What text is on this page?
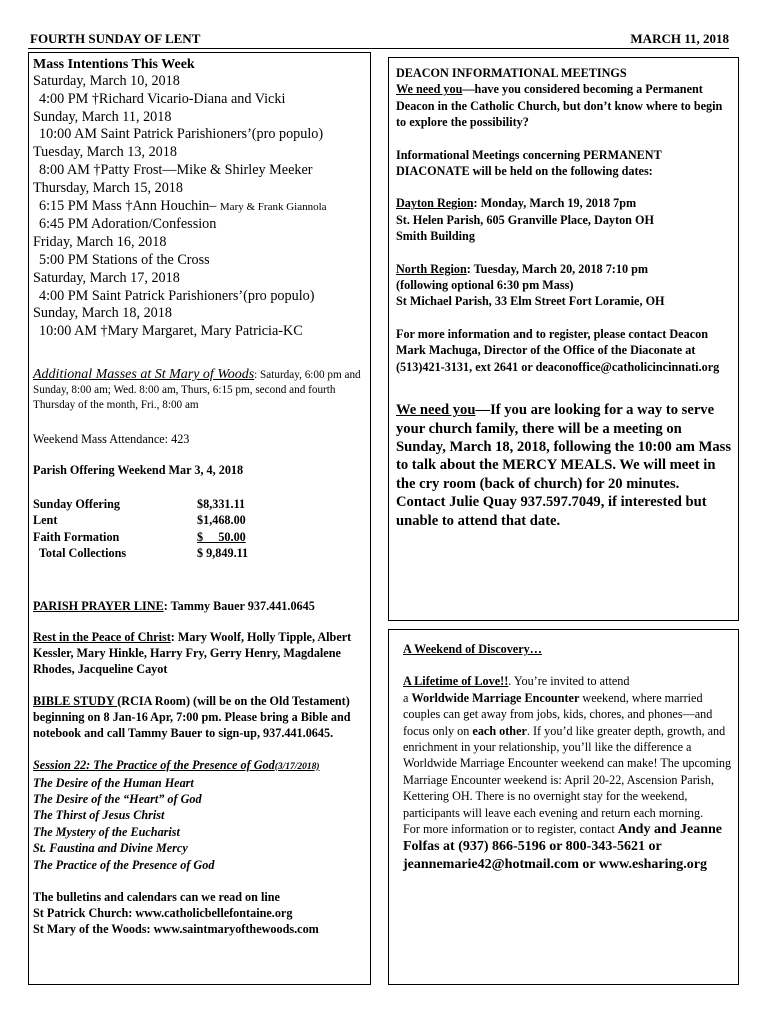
FOURTH SUNDAY OF LENT	MARCH 11, 2018
Mass Intentions This Week
Saturday, March 10, 2018
4:00 PM †Richard Vicario-Diana and Vicki
Sunday, March 11, 2018
10:00 AM Saint Patrick Parishioners’(pro populo)
Tuesday, March 13, 2018
8:00 AM †Patty Frost—Mike & Shirley Meeker
Thursday, March 15, 2018
6:15 PM Mass †Ann Houchin– Mary & Frank Giannola
6:45 PM Adoration/Confession
Friday, March 16, 2018
5:00 PM Stations of the Cross
Saturday, March 17, 2018
4:00 PM Saint Patrick Parishioners’(pro populo)
Sunday, March 18, 2018
10:00 AM †Mary Margaret, Mary Patricia-KC
Additional Masses at St Mary of Woods: Saturday, 6:00 pm and Sunday, 8:00 am; Wed. 8:00 am, Thurs, 6:15 pm, second and fourth Thursday of the month, Fri., 8:00 am
Weekend Mass Attendance: 423
Parish Offering Weekend Mar 3, 4, 2018
Sunday Offering	$8,331.11
Lent	$1,468.00
Faith Formation	$     50.00
Total Collections	$ 9,849.11
PARISH PRAYER LINE: Tammy Bauer 937.441.0645
Rest in the Peace of Christ: Mary Woolf, Holly Tipple, Albert Kessler, Mary Hinkle, Harry Fry, Gerry Henry, Magdalene Rhodes, Jacqueline Cayot
BIBLE STUDY (RCIA Room) (will be on the Old Testament) beginning on 8 Jan-16 Apr, 7:00 pm. Please bring a Bible and notebook and call Tammy Bauer to sign-up, 937.441.0645.
Session 22: The Practice of the Presence of God(3/17/2018)
The Desire of the Human Heart
The Desire of the “Heart” of God
The Thirst of Jesus Christ
The Mystery of the Eucharist
St. Faustina and Divine Mercy
The Practice of the Presence of God
The bulletins and calendars can we read on line
St Patrick Church: www.catholicbellefontaine.org
St Mary of the Woods: www.saintmaryofthewoods.com
DEACON INFORMATIONAL MEETINGS
We need you—have you considered becoming a Permanent Deacon in the Catholic Church, but don’t know where to begin to explore the possibility?
Informational Meetings concerning PERMANENT DIACONATE will be held on the following dates:
Dayton Region: Monday, March 19, 2018 7pm
St. Helen Parish, 605 Granville Place, Dayton OH
Smith Building
North Region: Tuesday, March 20, 2018 7:10 pm
(following optional 6:30 pm Mass)
St Michael Parish, 33 Elm Street Fort Loramie, OH
For more information and to register, please contact Deacon Mark Machuga, Director of the Office of the Diaconate at (513)421-3131, ext 2641 or deaconoffice@catholicincinnati.org
We need you—If you are looking for a way to serve your church family, there will be a meeting on Sunday, March 18, 2018, following the 10:00 am Mass to talk about the MERCY MEALS. We will meet in the cry room (back of church) for 20 minutes. Contact Julie Quay 937.597.7049, if interested but unable to attend that date.
A Weekend of Discovery…
A Lifetime of Love!!. You’re invited to attend
a Worldwide Marriage Encounter weekend, where married couples can get away from jobs, kids, chores, and phones—and focus only on each other. If you’d like greater depth, growth, and enrichment in your relationship, you’ll like the difference a Worldwide Marriage Encounter weekend can make! The upcoming Marriage Encounter weekend is: April 20-22, Ascension Parish, Kettering OH. There is no overnight stay for the weekend, participants will leave each evening and return each morning.
For more information or to register, contact Andy and Jeanne Folfas at (937) 866-5196 or 800-343-5621 or jeannemarie42@hotmail.com or www.esharing.org
